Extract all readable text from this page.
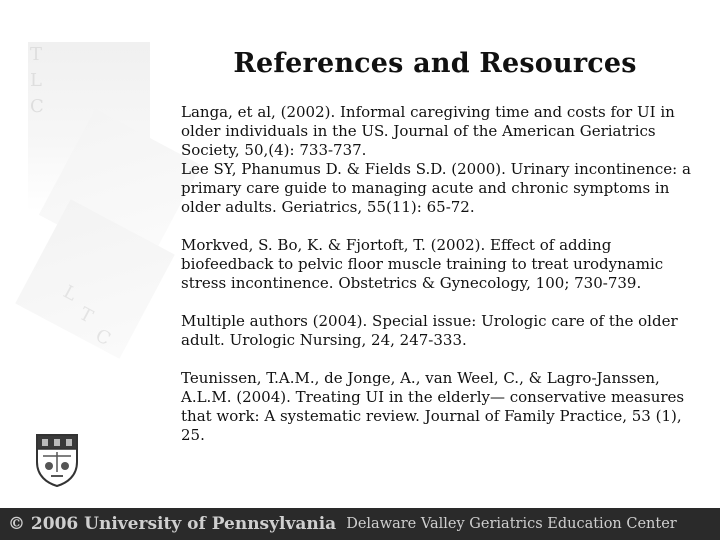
T
L
C
L
T
C
References and Resources

Langa, et al, (2002). Informal caregiving time and costs for UI in older individuals in the US. Journal of the American Geriatrics Society, 50,(4): 733-737.

Lee SY, Phanumus D. & Fields S.D. (2000). Urinary incontinence: a primary care guide to managing acute and chronic symptoms in older adults. Geriatrics, 55(11): 65-72.

Morkved, S. Bo, K. & Fjortoft, T. (2002). Effect of adding biofeedback to pelvic floor muscle training to treat urodynamic stress incontinence. Obstetrics & Gynecology, 100; 730-739.

Multiple authors (2004). Special issue: Urologic care of the older adult. Urologic Nursing, 24, 247-333.

Teunissen, T.A.M., de Jonge, A., van Weel, C., & Lagro-Janssen, A.L.M. (2004). Treating UI in the elderly— conservative measures that work: A systematic review. Journal of Family Practice, 53 (1), 25.

© 2006 University of Pennsylvania Delaware Valley Geriatrics Education Center
